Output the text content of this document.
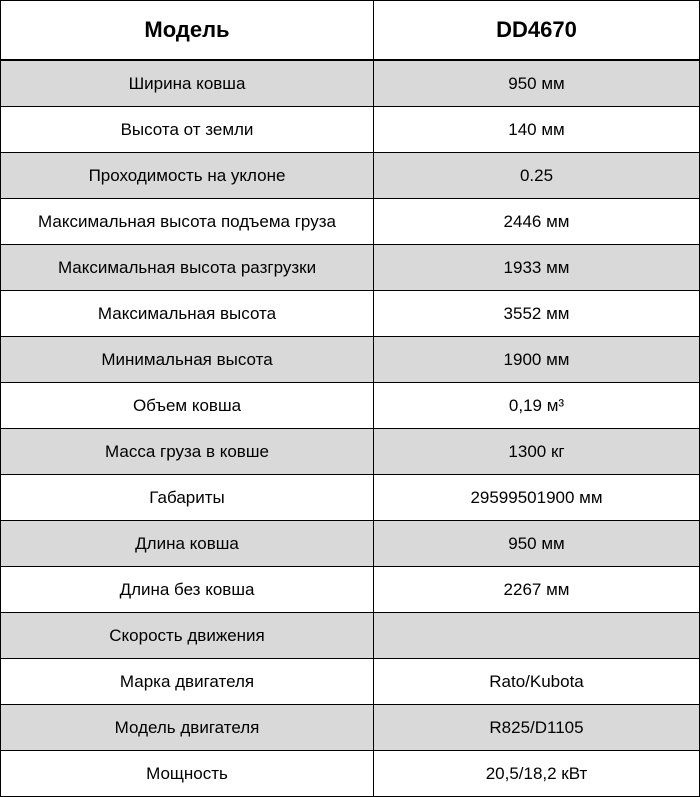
Модель	DD4670
Ширина ковша	950 мм
Высота от земли	140 мм
Проходимость на уклоне	0.25
Максимальная высота подъема груза	2446 мм
Максимальная высота разгрузки	1933 мм
Максимальная высота	3552 мм
Минимальная высота	1900 мм
Объем ковша	0,19 м³
Масса груза в ковше	1300 кг
Габариты	29599501900 мм
Длина ковша	950 мм
Длина без ковша	2267 мм
Скорость движения	
Марка двигателя	Rato/Kubota
Модель двигателя	R825/D1105
Мощность	20,5/18,2 кВт
